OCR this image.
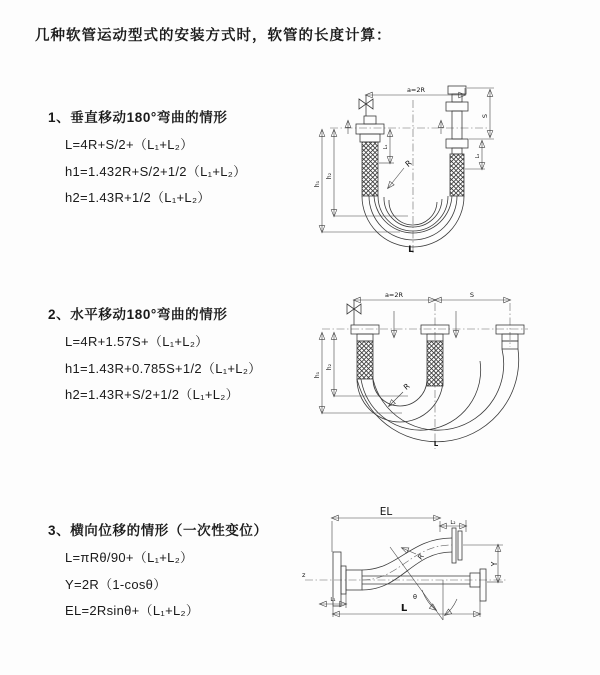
几种软管运动型式的安装方式时，软管的长度计算：
1、垂直移动180°弯曲的情形
L=4R+S/2+（L₁+L₂）
h1=1.432R+S/2+1/2（L₁+L₂）
h2=1.43R+1/2（L₁+L₂）
2、水平移动180°弯曲的情形
L=4R+1.57S+（L₁+L₂）
h1=1.43R+0.785S+1/2（L₁+L₂）
h2=1.43R+S/2+1/2（L₁+L₂）
3、横向位移的情形（一次性变位）
L=πRθ/90+（L₁+L₂）
Y=2R（1-cosθ）
EL=2Rsinθ+（L₁+L₂）
a=2R
S
L₂
L₁
h₁
h₂
R
L
a=2R	S
h₁
h₂
R
L
z
EL
L₂
Y
θ
R
L
L₁
